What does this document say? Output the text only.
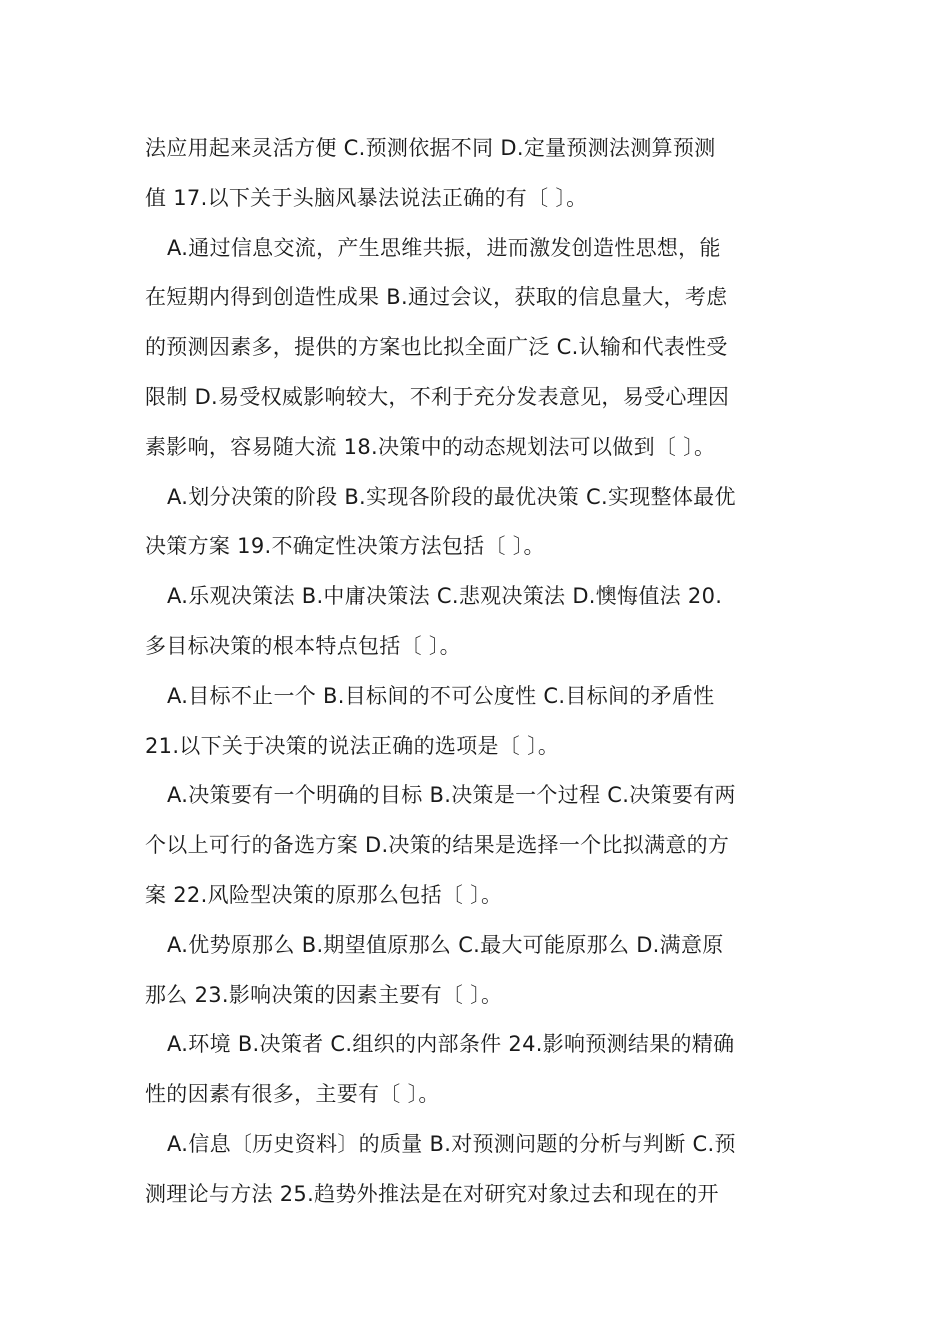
法应用起来灵活方便 C.预测依据不同 D.定量预测法测算预测
值 17.以下关于头脑风暴法说法正确的有〔 〕。
A.通过信息交流，产生思维共振，进而激发创造性思想，能
在短期内得到创造性成果 B.通过会议，获取的信息量大，考虑
的预测因素多，提供的方案也比拟全面广泛 C.认输和代表性受
限制 D.易受权威影响较大，不利于充分发表意见，易受心理因
素影响，容易随大流 18.决策中的动态规划法可以做到〔 〕。
A.划分决策的阶段 B.实现各阶段的最优决策 C.实现整体最优
决策方案 19.不确定性决策方法包括〔 〕。
A.乐观决策法 B.中庸决策法 C.悲观决策法 D.懊悔值法 20.
多目标决策的根本特点包括〔 〕。
A.目标不止一个 B.目标间的不可公度性 C.目标间的矛盾性
21.以下关于决策的说法正确的选项是〔 〕。
A.决策要有一个明确的目标 B.决策是一个过程 C.决策要有两
个以上可行的备选方案 D.决策的结果是选择一个比拟满意的方
案 22.风险型决策的原那么包括〔 〕。
A.优势原那么 B.期望值原那么 C.最大可能原那么 D.满意原
那么 23.影响决策的因素主要有〔 〕。
A.环境 B.决策者 C.组织的内部条件 24.影响预测结果的精确
性的因素有很多，主要有〔 〕。
A.信息〔历史资料〕的质量 B.对预测问题的分析与判断 C.预
测理论与方法 25.趋势外推法是在对研究对象过去和现在的开
